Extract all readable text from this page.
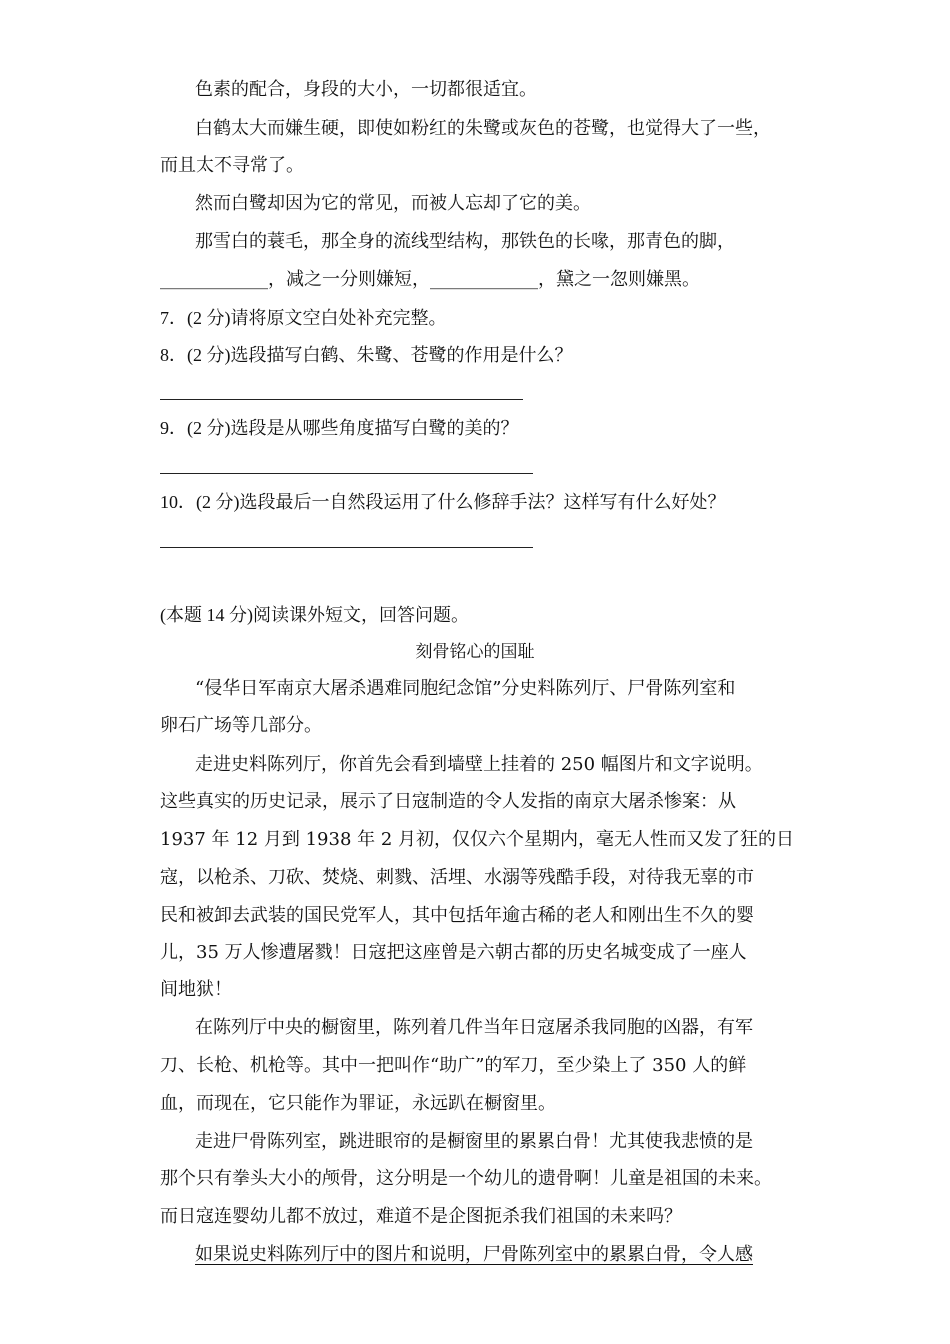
色素的配合，身段的大小，一切都很适宜。
白鹤太大而嫌生硬，即使如粉红的朱鹭或灰色的苍鹭，也觉得大了一些，
而且太不寻常了。
然而白鹭却因为它的常见，而被人忘却了它的美。
那雪白的蓑毛，那全身的流线型结构，那铁色的长喙，那青色的脚，
____________，减之一分则嫌短，____________，黛之一忽则嫌黑。
7．(2 分)请将原文空白处补充完整。
8．(2 分)选段描写白鹤、朱鹭、苍鹭的作用是什么？
9．(2 分)选段是从哪些角度描写白鹭的美的？
10．(2 分)选段最后一自然段运用了什么修辞手法？这样写有什么好处？
(本题 14 分)阅读课外短文，回答问题。
刻骨铭心的国耻
“侵华日军南京大屠杀遇难同胞纪念馆”分史料陈列厅、尸骨陈列室和
卵石广场等几部分。
走进史料陈列厅，你首先会看到墙壁上挂着的 250 幅图片和文字说明。
这些真实的历史记录，展示了日寇制造的令人发指的南京大屠杀惨案：从
1937 年 12 月到 1938 年 2 月初，仅仅六个星期内，毫无人性而又发了狂的日
寇，以枪杀、刀砍、焚烧、刺戮、活埋、水溺等残酷手段，对待我无辜的市
民和被卸去武装的国民党军人，其中包括年逾古稀的老人和刚出生不久的婴
儿，35 万人惨遭屠戮！日寇把这座曾是六朝古都的历史名城变成了一座人
间地狱！
在陈列厅中央的橱窗里，陈列着几件当年日寇屠杀我同胞的凶器，有军
刀、长枪、机枪等。其中一把叫作“助广”的军刀，至少染上了 350 人的鲜
血，而现在，它只能作为罪证，永远趴在橱窗里。
走进尸骨陈列室，跳进眼帘的是橱窗里的累累白骨！尤其使我悲愤的是
那个只有拳头大小的颅骨，这分明是一个幼儿的遗骨啊！儿童是祖国的未来。
而日寇连婴幼儿都不放过，难道不是企图扼杀我们祖国的未来吗？
如果说史料陈列厅中的图片和说明，尸骨陈列室中的累累白骨，令人感
